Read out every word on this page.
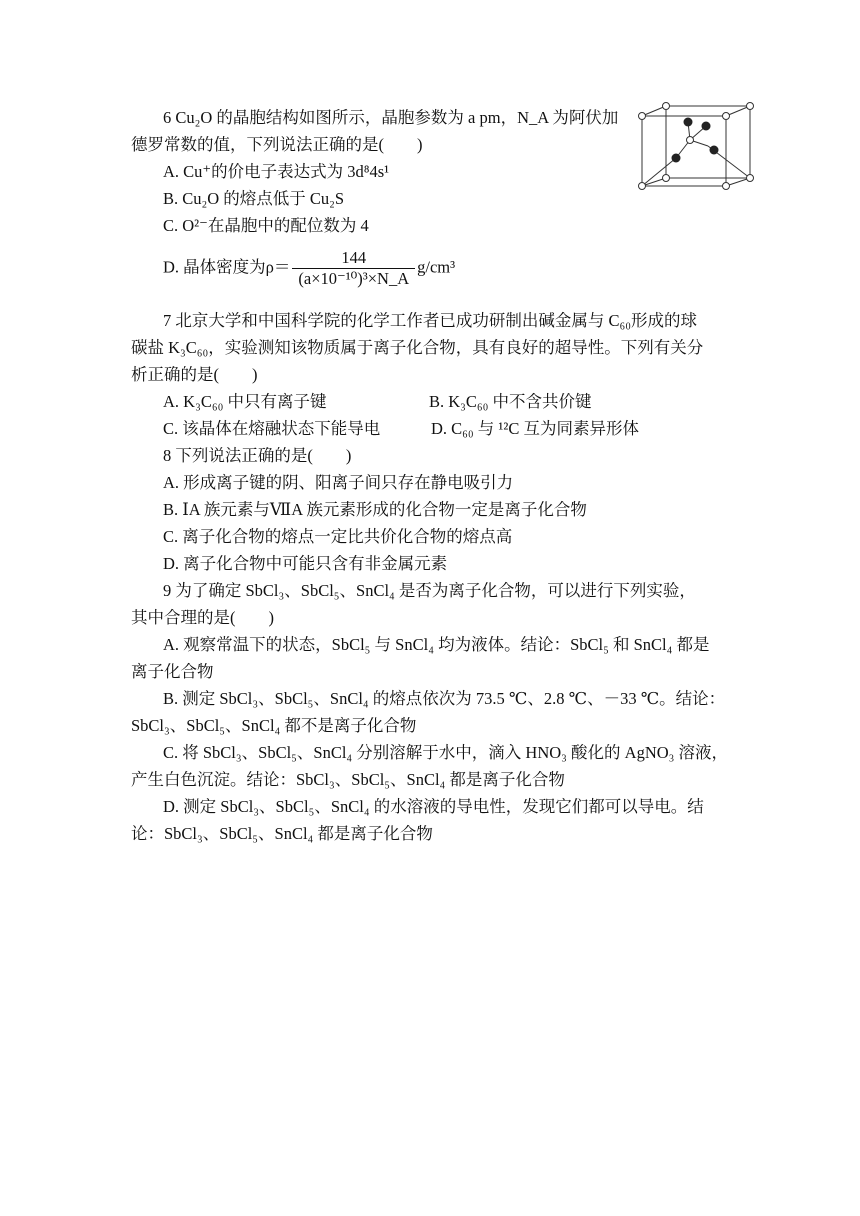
6 Cu₂O 的晶胞结构如图所示，晶胞参数为 a pm，N_A 为阿伏加
德罗常数的值，下列说法正确的是(　　)
A. Cu⁺的价电子表达式为 3d⁸4s¹
B. Cu₂O 的熔点低于 Cu₂S
C. O²⁻在晶胞中的配位数为 4
D. 晶体密度为$\rho= \frac{144}{\text{(a×10⁻¹⁰)³×N\_A}} g/cm^3$
7 北京大学和中国科学院的化学工作者已成功研制出碱金属与 C₆₀形成的球
碳盐 K₃C₆₀，实验测知该物质属于离子化合物，具有良好的超导性。下列有关分
析正确的是(　　)
A. K₃C₆₀ 中只有离子键	B. K₃C₆₀ 中不含共价键
C. 该晶体在熔融状态下能导电	D. C₆₀ 与 ¹²C 互为同素异形体
8 下列说法正确的是(　　)
A. 形成离子键的阴、阳离子间只存在静电吸引力
B. ⅠA 族元素与ⅦA 族元素形成的化合物一定是离子化合物
C. 离子化合物的熔点一定比共价化合物的熔点高
D. 离子化合物中可能只含有非金属元素
9 为了确定 SbCl₃、SbCl₅、SnCl₄ 是否为离子化合物，可以进行下列实验，
其中合理的是(　　)
A. 观察常温下的状态，SbCl₅ 与 SnCl₄ 均为液体。结论：SbCl₅ 和 SnCl₄ 都是
离子化合物
B. 测定 SbCl₃、SbCl₅、SnCl₄ 的熔点依次为 73.5 ℃、2.8 ℃、－33 ℃。结论：
SbCl₃、SbCl₅、SnCl₄ 都不是离子化合物
C. 将 SbCl₃、SbCl₅、SnCl₄ 分别溶解于水中，滴入 HNO₃ 酸化的 AgNO₃ 溶液，
产生白色沉淀。结论：SbCl₃、SbCl₅、SnCl₄ 都是离子化合物
D. 测定 SbCl₃、SbCl₅、SnCl₄ 的水溶液的导电性，发现它们都可以导电。结
论：SbCl₃、SbCl₅、SnCl₄ 都是离子化合物
